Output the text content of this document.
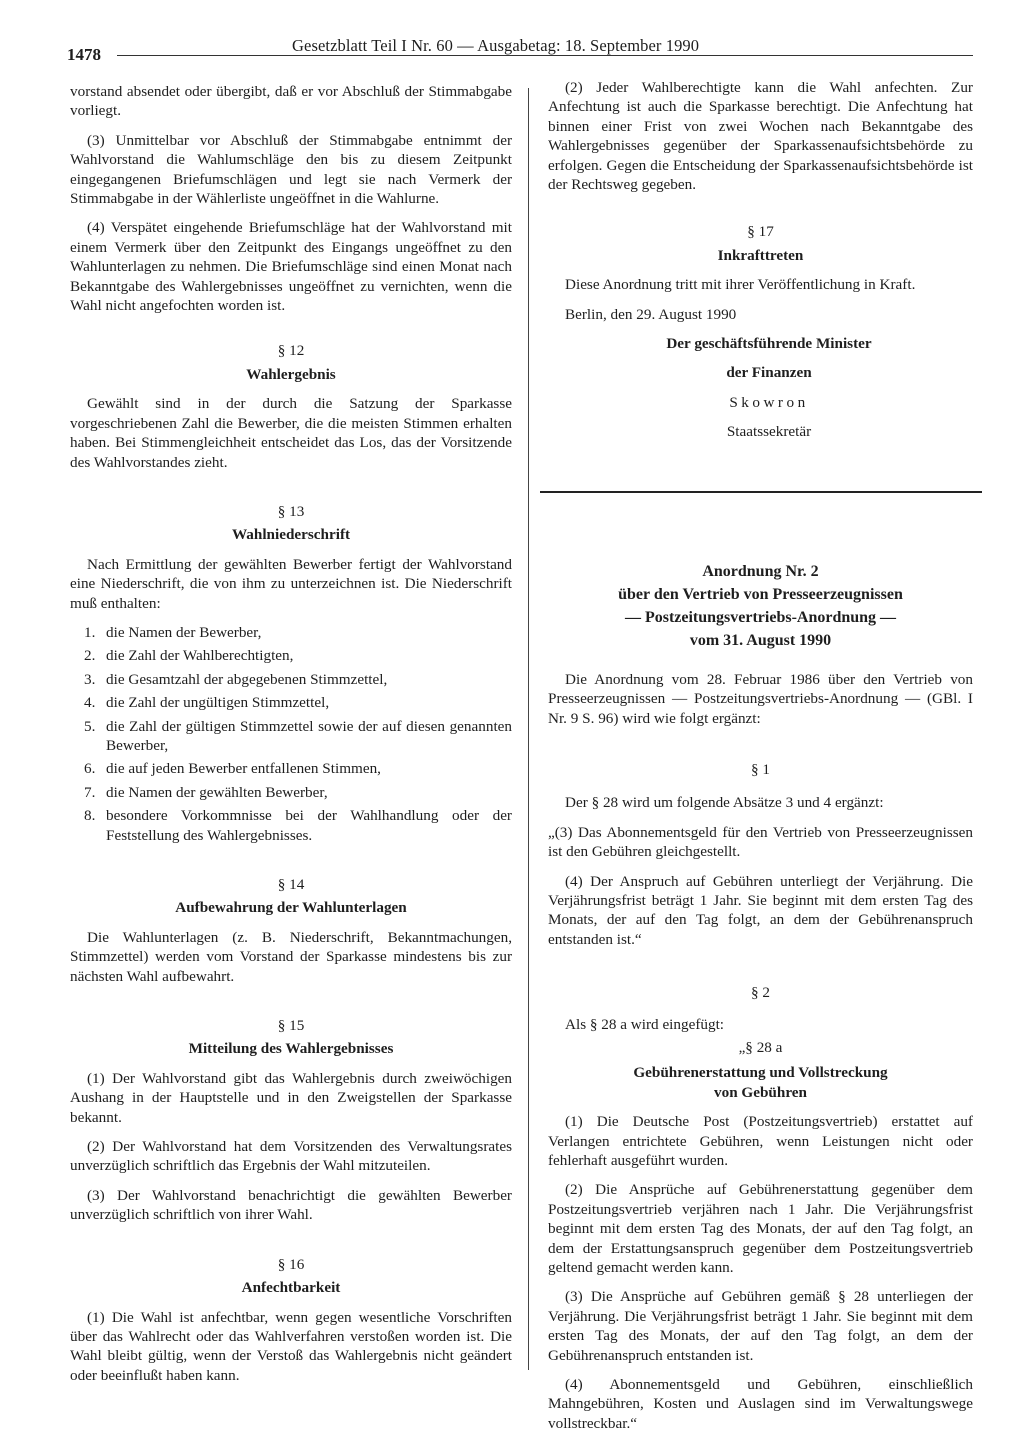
1478	Gesetzblatt Teil I Nr. 60 — Ausgabetag: 18. September 1990

vorstand absendet oder übergibt, daß er vor Abschluß der Stimmabgabe vorliegt.

(3) Unmittelbar vor Abschluß der Stimmabgabe entnimmt der Wahlvorstand die Wahlumschläge den bis zu diesem Zeitpunkt eingegangenen Briefumschlägen und legt sie nach Vermerk der Stimmabgabe in der Wählerliste ungeöffnet in die Wahlurne.

(4) Verspätet eingehende Briefumschläge hat der Wahlvorstand mit einem Vermerk über den Zeitpunkt des Eingangs ungeöffnet zu den Wahlunterlagen zu nehmen. Die Briefumschläge sind einen Monat nach Bekanntgabe des Wahlergebnisses ungeöffnet zu vernichten, wenn die Wahl nicht angefochten worden ist.

§ 12
Wahlergebnis

Gewählt sind in der durch die Satzung der Sparkasse vorgeschriebenen Zahl die Bewerber, die die meisten Stimmen erhalten haben. Bei Stimmengleichheit entscheidet das Los, das der Vorsitzende des Wahlvorstandes zieht.

§ 13
Wahlniederschrift

Nach Ermittlung der gewählten Bewerber fertigt der Wahlvorstand eine Niederschrift, die von ihm zu unterzeichnen ist. Die Niederschrift muß enthalten:

1. die Namen der Bewerber,
2. die Zahl der Wahlberechtigten,
3. die Gesamtzahl der abgegebenen Stimmzettel,
4. die Zahl der ungültigen Stimmzettel,
5. die Zahl der gültigen Stimmzettel sowie der auf diesen genannten Bewerber,
6. die auf jeden Bewerber entfallenen Stimmen,
7. die Namen der gewählten Bewerber,
8. besondere Vorkommnisse bei der Wahlhandlung oder der Feststellung des Wahlergebnisses.
§ 14
Aufbewahrung der Wahlunterlagen

Die Wahlunterlagen (z. B. Niederschrift, Bekanntmachungen, Stimmzettel) werden vom Vorstand der Sparkasse mindestens bis zur nächsten Wahl aufbewahrt.

§ 15
Mitteilung des Wahlergebnisses

(1) Der Wahlvorstand gibt das Wahlergebnis durch zweiwöchigen Aushang in der Hauptstelle und in den Zweigstellen der Sparkasse bekannt.

(2) Der Wahlvorstand hat dem Vorsitzenden des Verwaltungsrates unverzüglich schriftlich das Ergebnis der Wahl mitzuteilen.

(3) Der Wahlvorstand benachrichtigt die gewählten Bewerber unverzüglich schriftlich von ihrer Wahl.

§ 16
Anfechtbarkeit

(1) Die Wahl ist anfechtbar, wenn gegen wesentliche Vorschriften über das Wahlrecht oder das Wahlverfahren verstoßen worden ist. Die Wahl bleibt gültig, wenn der Verstoß das Wahlergebnis nicht geändert oder beeinflußt haben kann.

(2) Jeder Wahlberechtigte kann die Wahl anfechten. Zur Anfechtung ist auch die Sparkasse berechtigt. Die Anfechtung hat binnen einer Frist von zwei Wochen nach Bekanntgabe des Wahlergebnisses gegenüber der Sparkassenaufsichtsbehörde zu erfolgen. Gegen die Entscheidung der Sparkassenaufsichtsbehörde ist der Rechtsweg gegeben.

§ 17
Inkrafttreten

Diese Anordnung tritt mit ihrer Veröffentlichung in Kraft.

Berlin, den 29. August 1990

Der geschäftsführende Minister

der Finanzen

Skowron

Staatssekretär

Anordnung Nr. 2
über den Vertrieb von Presseerzeugnissen
— Postzeitungsvertriebs-Anordnung —
vom 31. August 1990

Die Anordnung vom 28. Februar 1986 über den Vertrieb von Presseerzeugnissen — Postzeitungsvertriebs-Anordnung — (GBl. I Nr. 9 S. 96) wird wie folgt ergänzt:

§ 1

Der § 28 wird um folgende Absätze 3 und 4 ergänzt:

„(3) Das Abonnementsgeld für den Vertrieb von Presseerzeugnissen ist den Gebühren gleichgestellt.

(4) Der Anspruch auf Gebühren unterliegt der Verjährung. Die Verjährungsfrist beträgt 1 Jahr. Sie beginnt mit dem ersten Tag des Monats, der auf den Tag folgt, an dem der Gebührenanspruch entstanden ist.“

§ 2

Als § 28 a wird eingefügt:

„§ 28 a
Gebührenerstattung und Vollstreckung
von Gebühren

(1) Die Deutsche Post (Postzeitungsvertrieb) erstattet auf Verlangen entrichtete Gebühren, wenn Leistungen nicht oder fehlerhaft ausgeführt wurden.

(2) Die Ansprüche auf Gebührenerstattung gegenüber dem Postzeitungsvertrieb verjähren nach 1 Jahr. Die Verjährungsfrist beginnt mit dem ersten Tag des Monats, der auf den Tag folgt, an dem der Erstattungsanspruch gegenüber dem Postzeitungsvertrieb geltend gemacht werden kann.

(3) Die Ansprüche auf Gebühren gemäß § 28 unterliegen der Verjährung. Die Verjährungsfrist beträgt 1 Jahr. Sie beginnt mit dem ersten Tag des Monats, der auf den Tag folgt, an dem der Gebührenanspruch entstanden ist.

(4) Abonnementsgeld und Gebühren, einschließlich Mahngebühren, Kosten und Auslagen sind im Verwaltungswege vollstreckbar.“
